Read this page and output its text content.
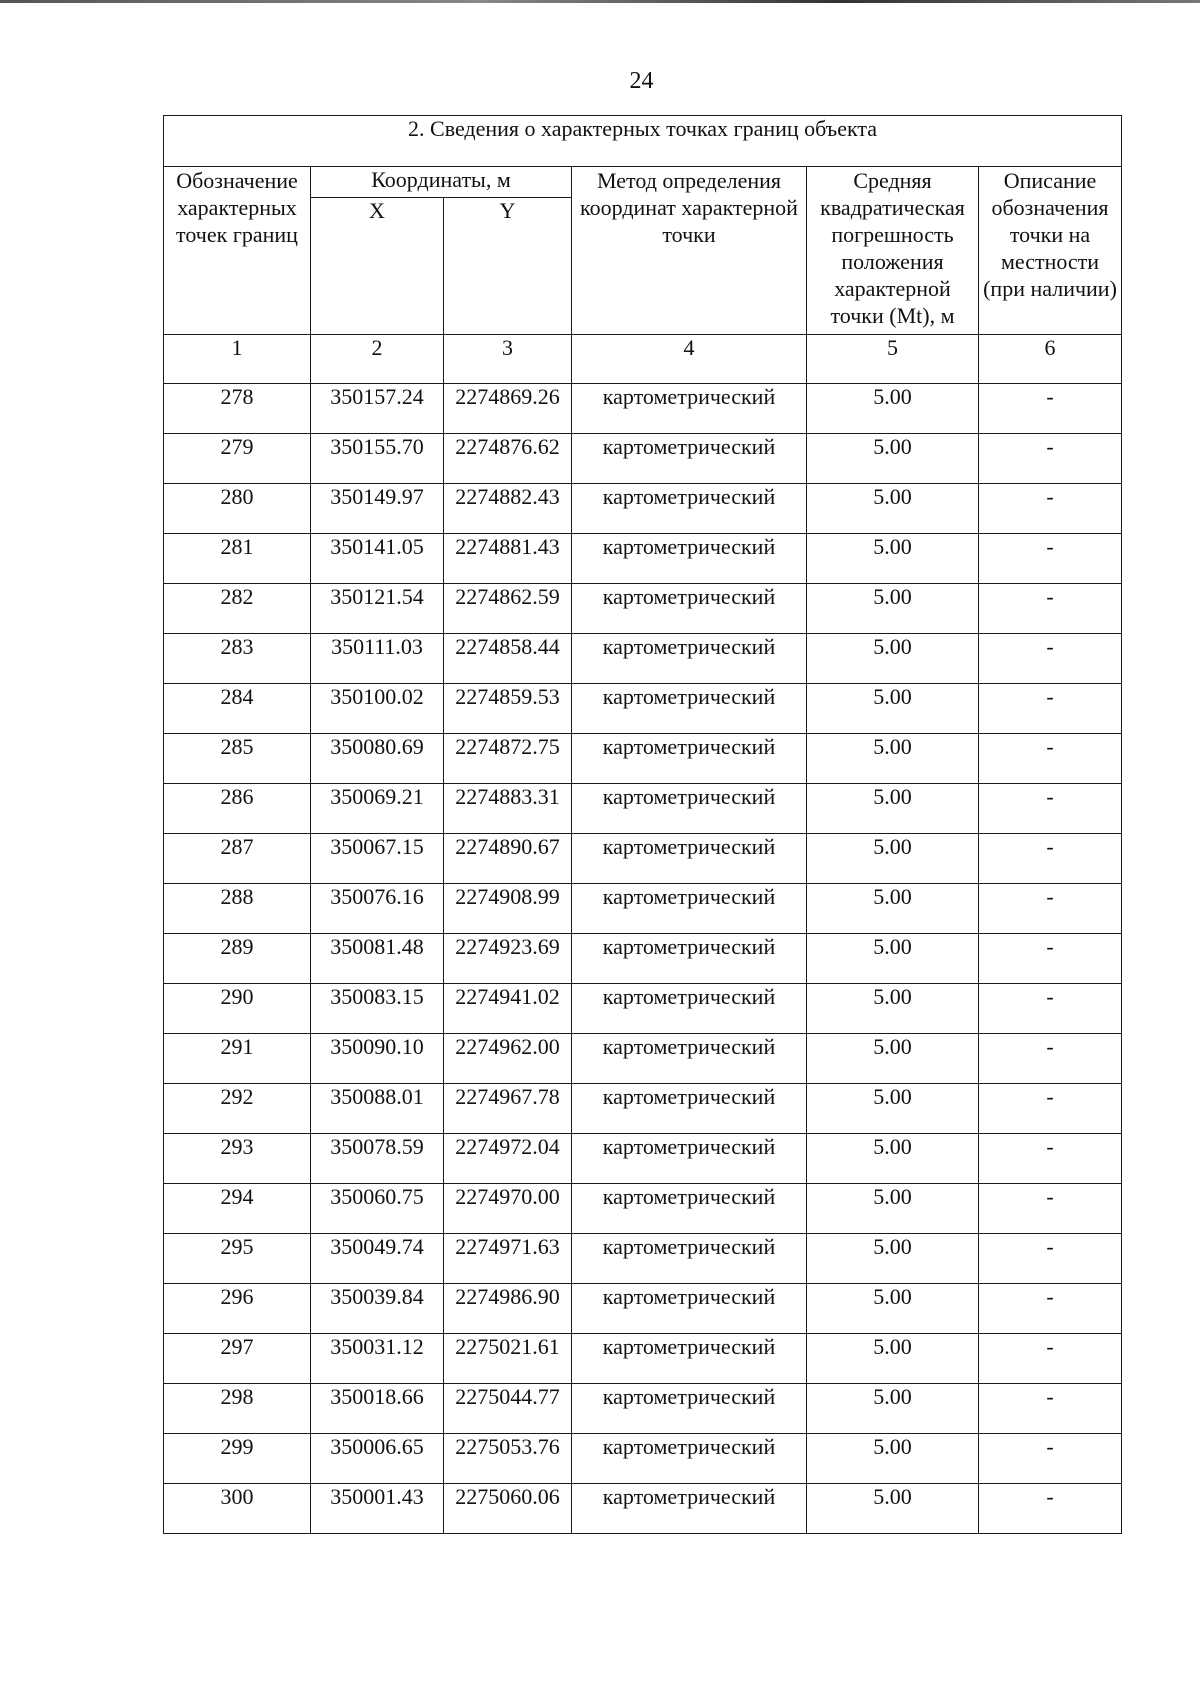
24
2. Сведения о характерных точках границ объекта					
Обозначение характерных точек границ	Координаты, м		Метод определения координат характерной точки	Средняя квадратическая погрешность положения характерной точки (Mt), м	Описание обозначения точки на местности (при наличии)
	X	Y			
1	2	3	4	5	6
278	350157.24	2274869.26	картометрический	5.00	-
279	350155.70	2274876.62	картометрический	5.00	-
280	350149.97	2274882.43	картометрический	5.00	-
281	350141.05	2274881.43	картометрический	5.00	-
282	350121.54	2274862.59	картометрический	5.00	-
283	350111.03	2274858.44	картометрический	5.00	-
284	350100.02	2274859.53	картометрический	5.00	-
285	350080.69	2274872.75	картометрический	5.00	-
286	350069.21	2274883.31	картометрический	5.00	-
287	350067.15	2274890.67	картометрический	5.00	-
288	350076.16	2274908.99	картометрический	5.00	-
289	350081.48	2274923.69	картометрический	5.00	-
290	350083.15	2274941.02	картометрический	5.00	-
291	350090.10	2274962.00	картометрический	5.00	-
292	350088.01	2274967.78	картометрический	5.00	-
293	350078.59	2274972.04	картометрический	5.00	-
294	350060.75	2274970.00	картометрический	5.00	-
295	350049.74	2274971.63	картометрический	5.00	-
296	350039.84	2274986.90	картометрический	5.00	-
297	350031.12	2275021.61	картометрический	5.00	-
298	350018.66	2275044.77	картометрический	5.00	-
299	350006.65	2275053.76	картометрический	5.00	-
300	350001.43	2275060.06	картометрический	5.00	-
